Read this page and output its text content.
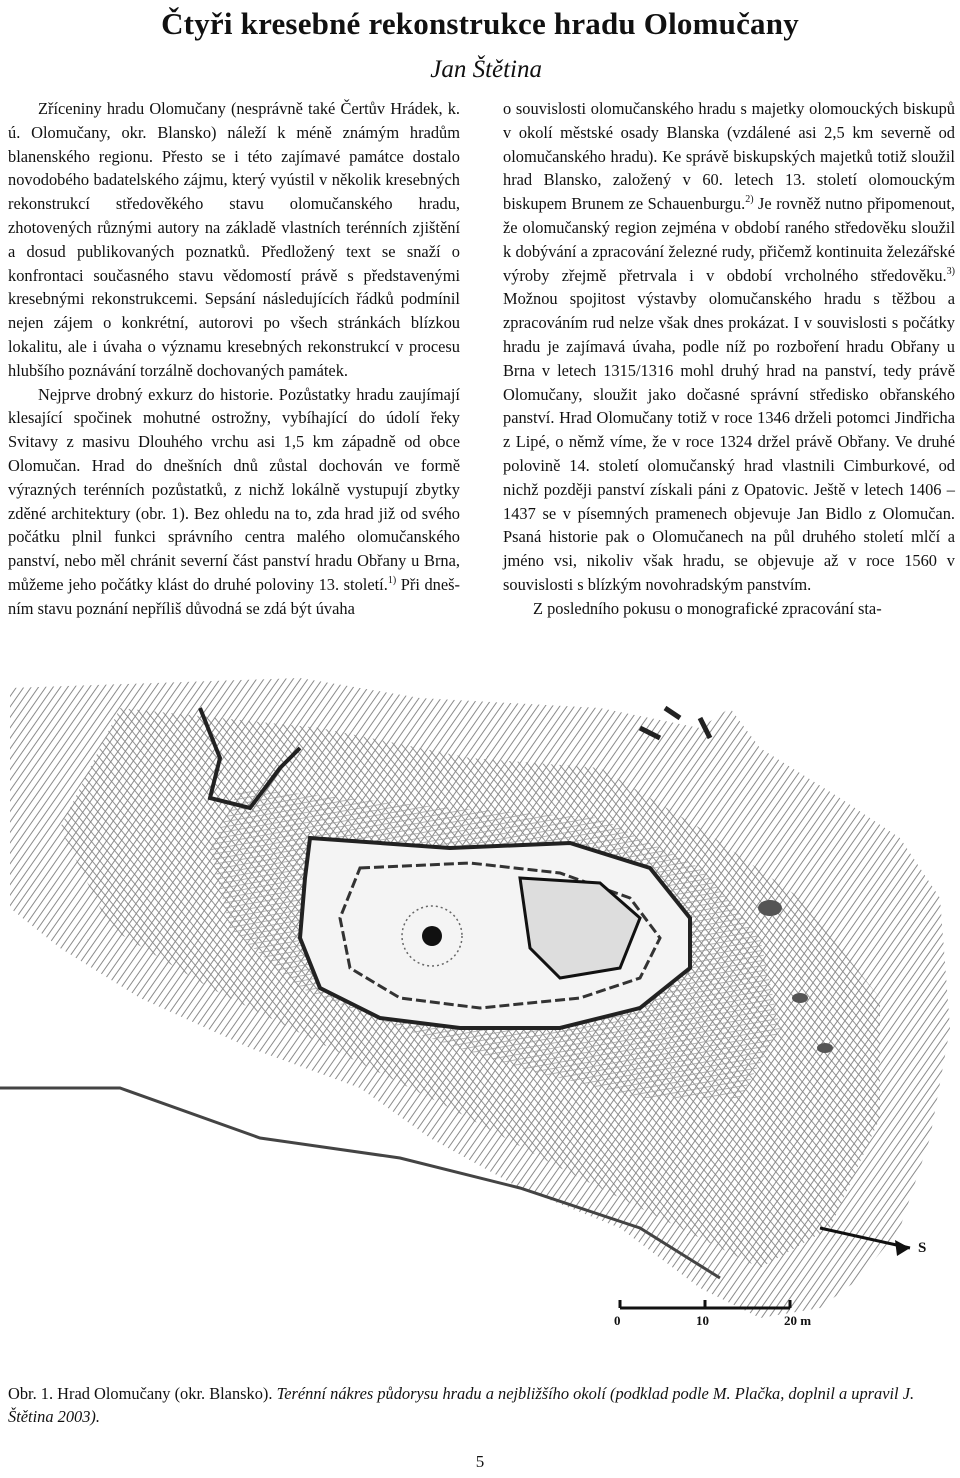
Čtyři kresebné rekonstrukce hradu Olomučany
Jan Štětina

Zříceniny hradu Olomučany (nesprávně také Čertův Hrádek, k. ú. Olomučany, okr. Blansko) náleží k méně známým hradům blanenského regionu. Přesto se i této zajímavé památce dostalo novodobého badatelského zájmu, který vyústil v několik kresebných rekonstrukcí středověkého stavu olomučanského hradu, zhotovených různými autory na základě vlastních terénních zjištění a dosud publikovaných poznatků. Předložený text se snaží o konfrontaci současného stavu vědomostí právě s představenými kresebnými rekonstrukcemi. Sepsání následujících řádků podmínil nejen zájem o konkrétní, autorovi po všech stránkách blízkou lokalitu, ale i úvaha o významu kresebných rekonstrukcí v procesu hlubšího poznávání torzálně dochovaných památek.

Nejprve drobný exkurz do historie. Pozůstatky hradu zaujímají klesající spočinek mohutné ostrožny, vybíhající do údolí řeky Svitavy z masivu Dlouhého vrchu asi 1,5 km západně od obce Olomučan. Hrad do dnešních dnů zůstal dochován ve formě výrazných terénních pozůstatků, z nichž lokálně vystupují zbytky zděné architektury (obr. 1). Bez ohledu na to, zda hrad již od svého počátku plnil funkci správního centra malého olomučanského panství, nebo měl chránit severní část panství hradu Obřany u Brna, můžeme jeho počátky klást do druhé poloviny 13. století.$^{1)}$ Při dnešním stavu poznání nepříliš důvodná se zdá být úvaha

o souvislosti olomučanského hradu s majetky olomouckých biskupů v okolí městské osady Blanska (vzdálené asi 2,5 km severně od olomučanského hradu). Ke správě biskupských majetků totiž sloužil hrad Blansko, založený v 60. letech 13. století olomouckým biskupem Brunem ze Schauenburgu.$^{2)}$ Je rovněž nutno připomenout, že olomučanský region zejména v období raného středověku sloužil k dobývání a zpracování železné rudy, přičemž kontinuita železářské výroby zřejmě přetrvala i v období vrcholného středověku.$^{3)}$ Možnou spojitost výstavby olomučanského hradu s těžbou a zpracováním rud nelze však dnes prokázat. I v souvislosti s počátky hradu je zajímavá úvaha, podle níž po rozboření hradu Obřany u Brna v letech 1315/1316 mohl druhý hrad na panství, tedy právě Olomučany, sloužit jako dočasné správní středisko obřanského panství. Hrad Olomučany totiž v roce 1346 drželi potomci Jindřicha z Lipé, o němž víme, že v roce 1324 držel právě Obřany. Ve druhé polovině 14. století olomučanský hrad vlastnili Cimburkové, od nichž později panství získali páni z Opatovic. Ještě v letech 1406 – 1437 se v písemných pramenech objevuje Jan Bidlo z Olomučan. Psaná historie pak o Olomučanech na půl druhého století mlčí a jméno vsi, nikoliv však hradu, se objevuje až v roce 1560 v souvislosti s blízkým novohradským panstvím.

Z posledního pokusu o monografické zpracování sta-

S
0	10	20 m
Obr. 1. Hrad Olomučany (okr. Blansko). Terénní nákres půdorysu hradu a nejbližšího okolí (podklad podle M. Plačka, doplnil a upravil J. Štětina 2003).
5
